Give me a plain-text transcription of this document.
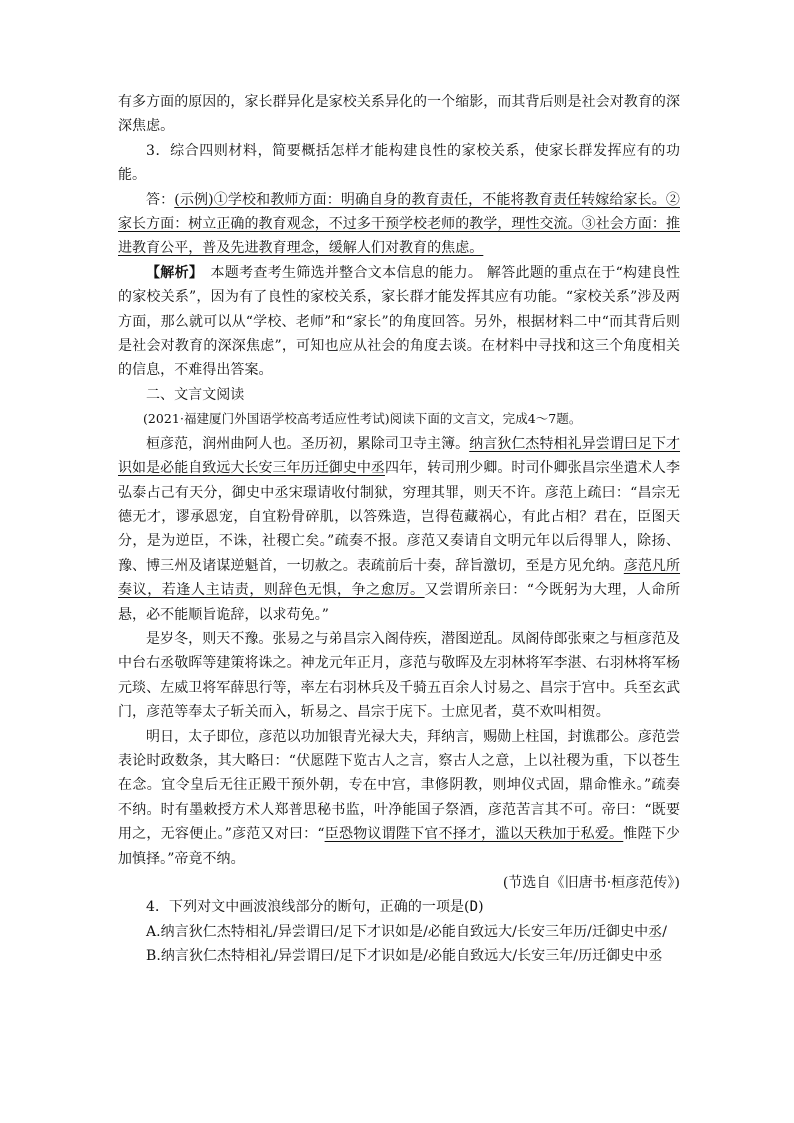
有多方面的原因的，家长群异化是家校关系异化的一个缩影，而其背后则是社会对教育的深深焦虑。

3．综合四则材料，简要概括怎样才能构建良性的家校关系，使家长群发挥应有的功能。

答：(示例)①学校和教师方面：明确自身的教育责任，不能将教育责任转嫁给家长。②家长方面：树立正确的教育观念，不过多干预学校老师的教学，理性交流。③社会方面：推进教育公平，普及先进教育理念，缓解人们对教育的焦虑。

【解析】　本题考查考生筛选并整合文本信息的能力。 解答此题的重点在于“构建良性的家校关系”，因为有了良性的家校关系，家长群才能发挥其应有功能。“家校关系”涉及两方面，那么就可以从“学校、老师”和“家长”的角度回答。另外，根据材料二中“而其背后则是社会对教育的深深焦虑”，可知也应从社会的角度去谈。在材料中寻找和这三个角度相关的信息，不难得出答案。

二、文言文阅读

(2021·福建厦门外国语学校高考适应性考试)阅读下面的文言文，完成4～7题。

桓彦范，润州曲阿人也。圣历初，累除司卫寺主簿。纳言狄仁杰特相礼异尝谓曰足下才识如是必能自致远大长安三年历迁御史中丞四年，转司刑少卿。时司仆卿张昌宗坐遣术人李弘泰占己有天分，御史中丞宋璟请收付制狱，穷理其罪，则天不许。彦范上疏曰：“昌宗无德无才，谬承恩宠，自宜粉骨碎肌，以答殊造，岂得苞藏祸心，有此占相？君在，臣图天分，是为逆臣，不诛，社稷亡矣。”疏奏不报。彦范又奏请自文明元年以后得罪人，除扬、豫、博三州及诸谋逆魁首，一切赦之。表疏前后十奏，辞旨激切，至是方见允纳。彦范凡所奏议，若逢人主诘责，则辞色无惧，争之愈厉。又尝谓所亲曰：“今既躬为大理，人命所悬，必不能顺旨诡辞，以求苟免。”

是岁冬，则天不豫。张易之与弟昌宗入阁侍疾，潜图逆乱。凤阁侍郎张柬之与桓彦范及中台右丞敬晖等建策将诛之。神龙元年正月，彦范与敬晖及左羽林将军李湛、右羽林将军杨元琰、左威卫将军薛思行等，率左右羽林兵及千骑五百余人讨易之、昌宗于宫中。兵至玄武门，彦范等奉太子斩关而入，斩易之、昌宗于庑下。士庶见者，莫不欢叫相贺。

明日，太子即位，彦范以功加银青光禄大夫，拜纳言，赐勋上柱国，封谯郡公。彦范尝表论时政数条，其大略曰：“伏愿陛下览古人之言，察古人之意，上以社稷为重，下以苍生在念。宜令皇后无往正殿干预外朝，专在中宫，聿修阴教，则坤仪式固，鼎命惟永。”疏奏不纳。时有墨敕授方术人郑普思秘书监，叶净能国子祭酒，彦范苦言其不可。帝曰：“既要用之，无容便止。”彦范又对曰：“臣恐物议谓陛下官不择才，滥以天秩加于私爱。惟陛下少加慎择。”帝竟不纳。

(节选自《旧唐书·桓彦范传》)

4．下列对文中画波浪线部分的断句，正确的一项是(D)

A.纳言狄仁杰特相礼/异尝谓曰/足下才识如是/必能自致远大/长安三年历/迁御史中丞/

B.纳言狄仁杰特相礼/异尝谓曰/足下才识如是/必能自致远大/长安三年/历迁御史中丞
